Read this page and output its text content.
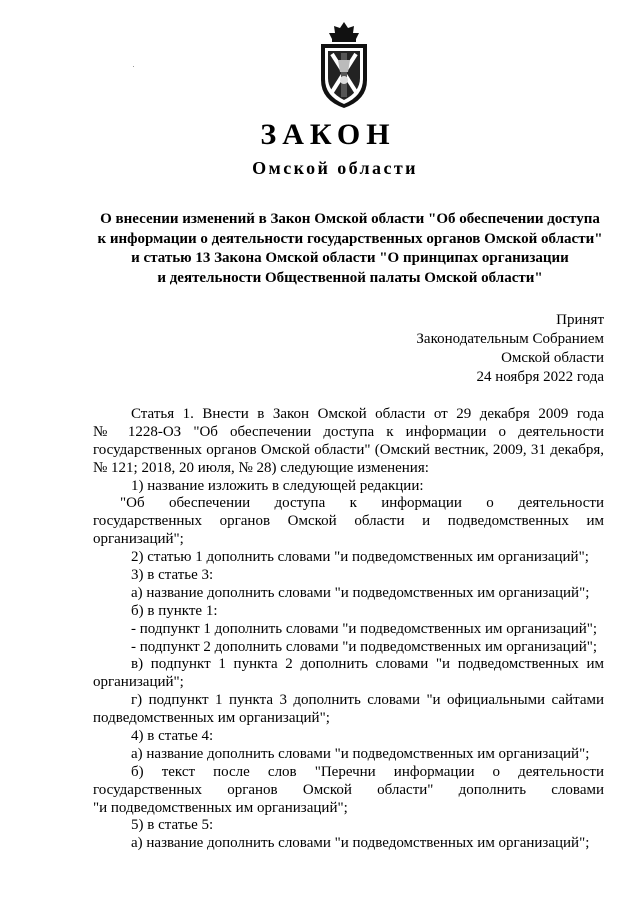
ЗАКОН
Омской области
О внесении изменений в Закон Омской области "Об обеспечении доступа
к информации о деятельности государственных органов Омской области"
и статью 13 Закона Омской области "О принципах организации
и деятельности Общественной палаты Омской области"
Принят
Законодательным Собранием
Омской области
24 ноября 2022 года
Статья 1. Внести в Закон Омской области от 29 декабря 2009 года
№ 1228-ОЗ "Об обеспечении доступа к информации о деятельности
государственных органов Омской области" (Омский вестник, 2009, 31 декабря,
№ 121; 2018, 20 июля, № 28) следующие изменения:
1) название изложить в следующей редакции:
"Об обеспечении доступа к информации о деятельности
государственных органов Омской области и подведомственных им
организаций";
2) статью 1 дополнить словами "и подведомственных им организаций";
3) в статье 3:
а) название дополнить словами "и подведомственных им организаций";
б) в пункте 1:
- подпункт 1 дополнить словами "и подведомственных им организаций";
- подпункт 2 дополнить словами "и подведомственных им организаций";
в) подпункт 1 пункта 2 дополнить словами "и подведомственных им
организаций";
г) подпункт 1 пункта 3 дополнить словами "и официальными сайтами
подведомственных им организаций";
4) в статье 4:
а) название дополнить словами "и подведомственных им организаций";
б) текст после слов "Перечни информации о деятельности
государственных органов Омской области" дополнить словами
"и подведомственных им организаций";
5) в статье 5:
а) название дополнить словами "и подведомственных им организаций";
